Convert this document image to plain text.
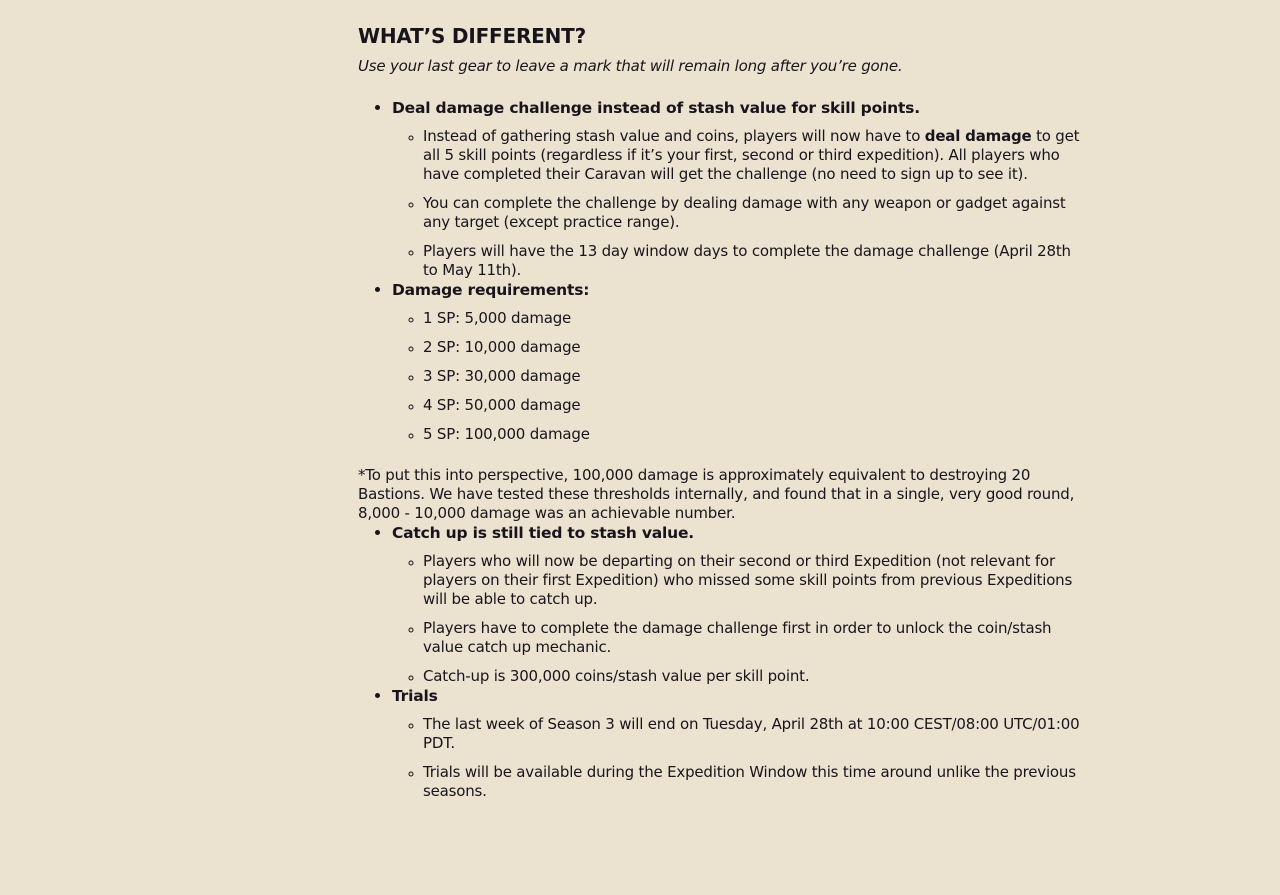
WHAT’S DIFFERENT?

Use your last gear to leave a mark that will remain long after you’re gone.

• Deal damage challenge instead of stash value for skill points.
◦ Instead of gathering stash value and coins, players will now have to deal damage to get all 5 skill points (regardless if it’s your first, second or third expedition). All players who have completed their Caravan will get the challenge (no need to sign up to see it).
◦ You can complete the challenge by dealing damage with any weapon or gadget against any target (except practice range).
◦ Players will have the 13 day window days to complete the damage challenge (April 28th to May 11th).
• Damage requirements:
◦ 1 SP: 5,000 damage
◦ 2 SP: 10,000 damage
◦ 3 SP: 30,000 damage
◦ 4 SP: 50,000 damage
◦ 5 SP: 100,000 damage

*To put this into perspective, 100,000 damage is approximately equivalent to destroying 20 Bastions. We have tested these thresholds internally, and found that in a single, very good round, 8,000 - 10,000 damage was an achievable number.

• Catch up is still tied to stash value.
◦ Players who will now be departing on their second or third Expedition (not relevant for players on their first Expedition) who missed some skill points from previous Expeditions will be able to catch up.
◦ Players have to complete the damage challenge first in order to unlock the coin/stash value catch up mechanic.
◦ Catch-up is 300,000 coins/stash value per skill point.
• Trials
◦ The last week of Season 3 will end on Tuesday, April 28th at 10:00 CEST/08:00 UTC/01:00 PDT.
◦ Trials will be available during the Expedition Window this time around unlike the previous seasons.
